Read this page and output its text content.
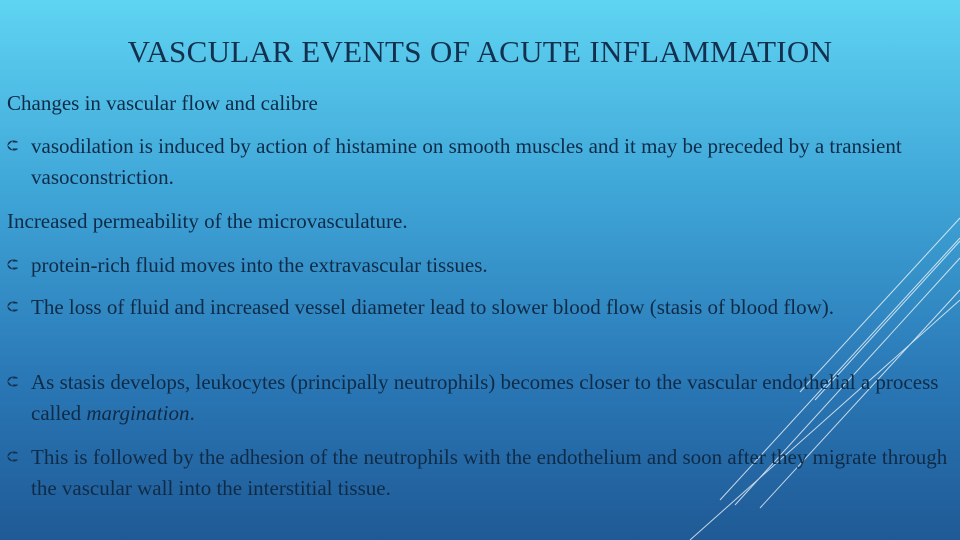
VASCULAR EVENTS OF ACUTE INFLAMMATION
Changes in vascular flow and calibre
⮈ vasodilation is induced by action of histamine on smooth muscles and it may be preceded by a transient vasoconstriction.
Increased permeability of the microvasculature.
⮈ protein-rich fluid moves into the extravascular tissues.
⮈ The loss of fluid and increased vessel diameter lead to slower blood flow (stasis of blood flow).
⮈ As stasis develops, leukocytes (principally neutrophils) becomes closer to the vascular endothelial a process called margination.
⮈ This is followed by the adhesion of the neutrophils with the endothelium and soon after they migrate through the vascular wall into the interstitial tissue.
